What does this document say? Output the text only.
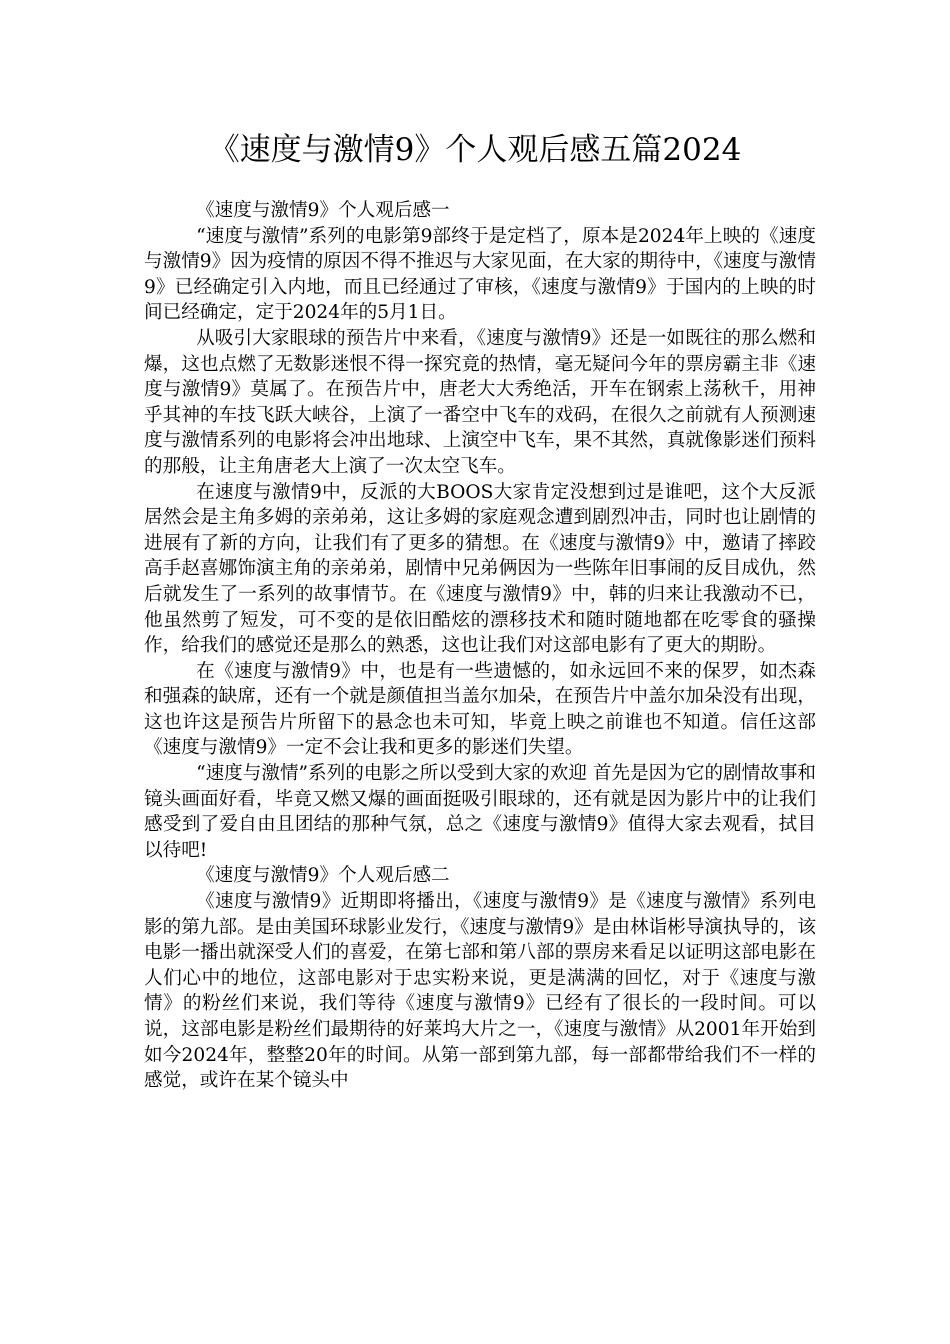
《速度与激情9》个人观后感五篇2024

《速度与激情9》个人观后感一

“速度与激情”系列的电影第9部终于是定档了，原本是2024年上映的《速度与激情9》因为疫情的原因不得不推迟与大家见面，在大家的期待中，《速度与激情9》已经确定引入内地，而且已经通过了审核，《速度与激情9》于国内的上映的时间已经确定，定于2024年的5月1日。

从吸引大家眼球的预告片中来看，《速度与激情9》还是一如既往的那么燃和爆，这也点燃了无数影迷恨不得一探究竟的热情，毫无疑问今年的票房霸主非《速度与激情9》莫属了。在预告片中，唐老大大秀绝活，开车在钢索上荡秋千，用神乎其神的车技飞跃大峡谷，上演了一番空中飞车的戏码，在很久之前就有人预测速度与激情系列的电影将会冲出地球、上演空中飞车，果不其然，真就像影迷们预料的那般，让主角唐老大上演了一次太空飞车。

在速度与激情9中，反派的大BOOS大家肯定没想到过是谁吧，这个大反派居然会是主角多姆的亲弟弟，这让多姆的家庭观念遭到剧烈冲击，同时也让剧情的进展有了新的方向，让我们有了更多的猜想。在《速度与激情9》中，邀请了摔跤高手赵喜娜饰演主角的亲弟弟，剧情中兄弟俩因为一些陈年旧事闹的反目成仇，然后就发生了一系列的故事情节。在《速度与激情9》中，韩的归来让我激动不已，他虽然剪了短发，可不变的是依旧酷炫的漂移技术和随时随地都在吃零食的骚操作，给我们的感觉还是那么的熟悉，这也让我们对这部电影有了更大的期盼。

在《速度与激情9》中，也是有一些遗憾的，如永远回不来的保罗，如杰森和强森的缺席，还有一个就是颜值担当盖尔加朵，在预告片中盖尔加朵没有出现，这也许这是预告片所留下的悬念也未可知，毕竟上映之前谁也不知道。信任这部 《速度与激情9》一定不会让我和更多的影迷们失望。

“速度与激情”系列的电影之所以受到大家的欢迎 首先是因为它的剧情故事和镜头画面好看，毕竟又燃又爆的画面挺吸引眼球的，还有就是因为影片中的让我们感受到了爱自由且团结的那种气氛，总之《速度与激情9》值得大家去观看，拭目以待吧!

《速度与激情9》个人观后感二

《速度与激情9》近期即将播出，《速度与激情9》是《速度与激情》系列电影的第九部。是由美国环球影业发行，《速度与激情9》是由林诣彬导演执导的，该电影一播出就深受人们的喜爱，在第七部和第八部的票房来看足以证明这部电影在人们心中的地位，这部电影对于忠实粉来说，更是满满的回忆，对于《速度与激情》的粉丝们来说，我们等待《速度与激情9》已经有了很长的一段时间。可以说，这部电影是粉丝们最期待的好莱坞大片之一，《速度与激情》从2001年开始到如今2024年，整整20年的时间。从第一部到第九部，每一部都带给我们不一样的感觉，或许在某个镜头中
